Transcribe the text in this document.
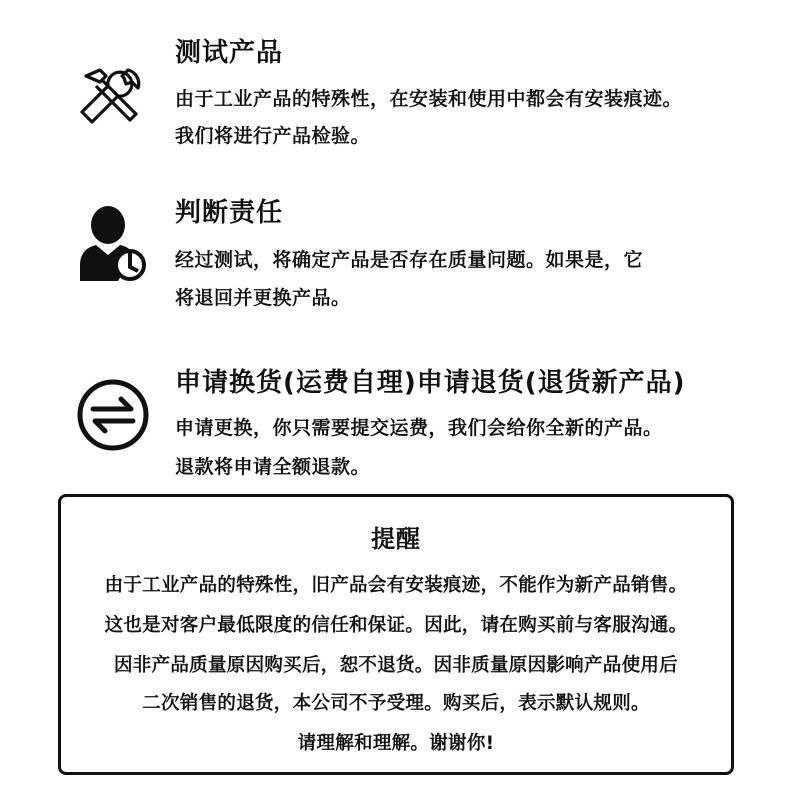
测试产品
由于工业产品的特殊性，在安装和使用中都会有安装痕迹。
我们将进行产品检验。
判断责任
经过测试，将确定产品是否存在质量问题。如果是，它
将退回并更换产品。
申请换货(运费自理)申请退货(退货新产品)
申请更换，你只需要提交运费，我们会给你全新的产品。
退款将申请全额退款。
提醒
由于工业产品的特殊性，旧产品会有安装痕迹，不能作为新产品销售。
这也是对客户最低限度的信任和保证。因此，请在购买前与客服沟通。
因非产品质量原因购买后，恕不退货。因非质量原因影响产品使用后
二次销售的退货，本公司不予受理。购买后，表示默认规则。
请理解和理解。谢谢你!
